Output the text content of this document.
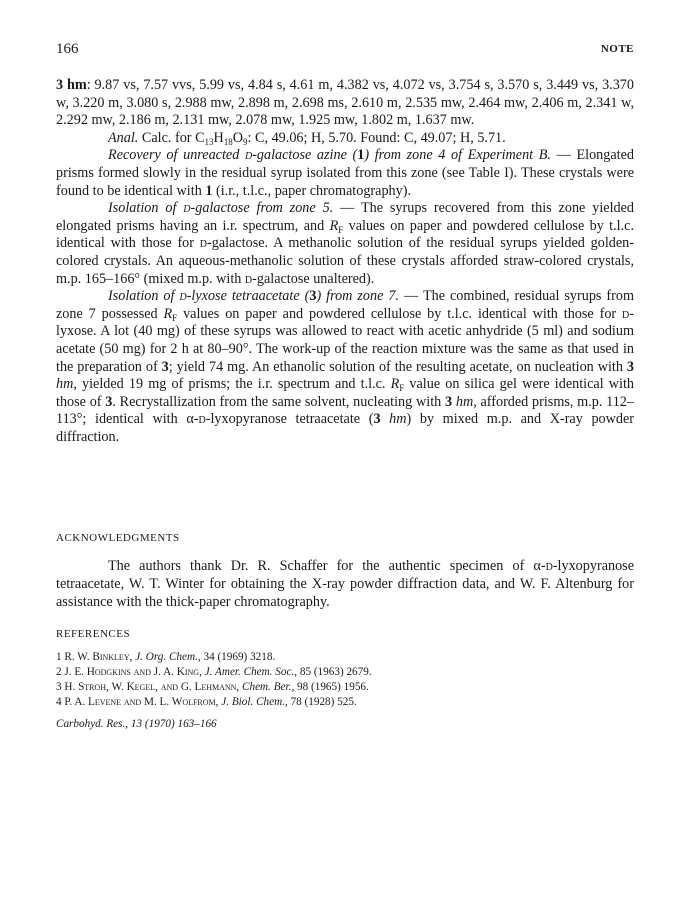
166	NOTE

3 hm: 9.87 vs, 7.57 vvs, 5.99 vs, 4.84 s, 4.61 m, 4.382 vs, 4.072 vs, 3.754 s, 3.570 s, 3.449 vs, 3.370 w, 3.220 m, 3.080 s, 2.988 mw, 2.898 m, 2.698 ms, 2.610 m, 2.535 mw, 2.464 mw, 2.406 m, 2.341 w, 2.292 mw, 2.186 m, 2.131 mw, 2.078 mw, 1.925 mw, 1.802 m, 1.637 mw.

Anal. Calc. for $C_{13}H_{18}O_9$: C, 49.06; H, 5.70. Found: C, 49.07; H, 5.71.

Recovery of unreacted d-galactose azine (1) from zone 4 of Experiment B. — Elongated prisms formed slowly in the residual syrup isolated from this zone (see Table I). These crystals were found to be identical with 1 (i.r., t.l.c., paper chromatography).

Isolation of d-galactose from zone 5. — The syrups recovered from this zone yielded elongated prisms having an i.r. spectrum, and $R_F$ values on paper and powdered cellulose by t.l.c. identical with those for d-galactose. A methanolic solution of the residual syrups yielded golden-colored crystals. An aqueous-methanolic solution of these crystals afforded straw-colored crystals, m.p. 165–166° (mixed m.p. with d-galactose unaltered).

Isolation of d-lyxose tetraacetate (3) from zone 7. — The combined, residual syrups from zone 7 possessed $R_F$ values on paper and powdered cellulose by t.l.c. identical with those for d-lyxose. A lot (40 mg) of these syrups was allowed to react with acetic anhydride (5 ml) and sodium acetate (50 mg) for 2 h at 80–90°. The work-up of the reaction mixture was the same as that used in the preparation of 3; yield 74 mg. An ethanolic solution of the resulting acetate, on nucleation with 3 hm, yielded 19 mg of prisms; the i.r. spectrum and t.l.c. $R_F$ value on silica gel were identical with those of 3. Recrystallization from the same solvent, nucleating with 3 hm, afforded prisms, m.p. 112–113°; identical with α-d-lyxopyranose tetraacetate (3 hm) by mixed m.p. and X-ray powder diffraction.

ACKNOWLEDGMENTS

The authors thank Dr. R. Schaffer for the authentic specimen of α-d-lyxopyranose tetraacetate, W. T. Winter for obtaining the X-ray powder diffraction data, and W. F. Altenburg for assistance with the thick-paper chromatography.

REFERENCES
1 R. W. Binkley, J. Org. Chem., 34 (1969) 3218.
2 J. E. Hodgkins and J. A. King, J. Amer. Chem. Soc., 85 (1963) 2679.
3 H. Stroh, W. Kegel, and G. Lehmann, Chem. Ber., 98 (1965) 1956.
4 P. A. Levene and M. L. Wolfrom, J. Biol. Chem., 78 (1928) 525.
Carbohyd. Res., 13 (1970) 163–166
